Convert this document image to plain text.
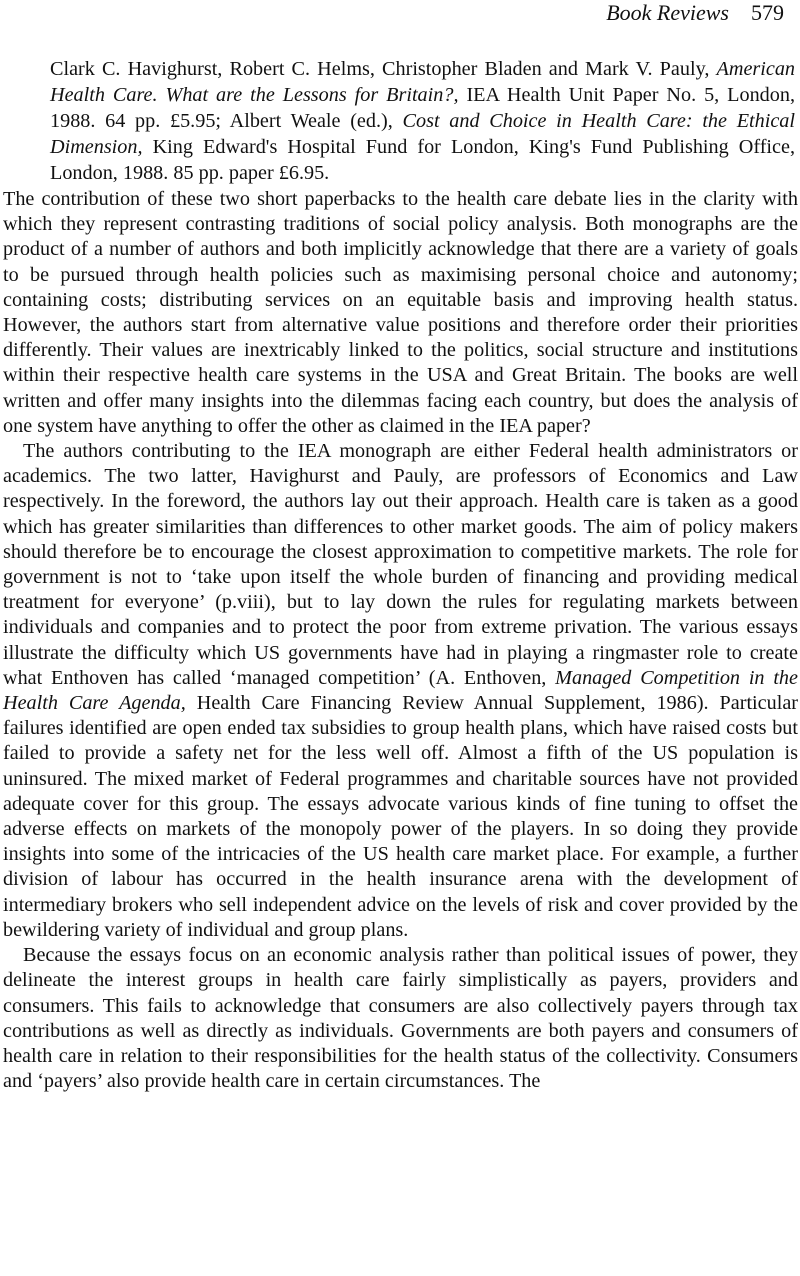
Book Reviews 579
Clark C. Havighurst, Robert C. Helms, Christopher Bladen and Mark V. Pauly, American Health Care. What are the Lessons for Britain?, IEA Health Unit Paper No. 5, London, 1988. 64 pp. £5.95; Albert Weale (ed.), Cost and Choice in Health Care: the Ethical Dimension, King Edward's Hospital Fund for London, King's Fund Publishing Office, London, 1988. 85 pp. paper £6.95.

The contribution of these two short paperbacks to the health care debate lies in the clarity with which they represent contrasting traditions of social policy analysis. Both monographs are the product of a number of authors and both implicitly acknowledge that there are a variety of goals to be pursued through health policies such as maximising personal choice and autonomy; containing costs; distributing services on an equitable basis and improving health status. However, the authors start from alternative value positions and therefore order their priorities differently. Their values are inextricably linked to the politics, social structure and institutions within their respective health care systems in the USA and Great Britain. The books are well written and offer many insights into the dilemmas facing each country, but does the analysis of one system have anything to offer the other as claimed in the IEA paper?

The authors contributing to the IEA monograph are either Federal health administrators or academics. The two latter, Havighurst and Pauly, are professors of Economics and Law respectively. In the foreword, the authors lay out their approach. Health care is taken as a good which has greater similarities than differences to other market goods. The aim of policy makers should therefore be to encourage the closest approximation to competitive markets. The role for government is not to ‘take upon itself the whole burden of financing and providing medical treatment for everyone’ (p.viii), but to lay down the rules for regulating markets between individuals and companies and to protect the poor from extreme privation. The various essays illustrate the difficulty which US governments have had in playing a ringmaster role to create what Enthoven has called ‘managed competition’ (A. Enthoven, Managed Competition in the Health Care Agenda, Health Care Financing Review Annual Supplement, 1986). Particular failures identified are open ended tax subsidies to group health plans, which have raised costs but failed to provide a safety net for the less well off. Almost a fifth of the US population is uninsured. The mixed market of Federal programmes and charitable sources have not provided adequate cover for this group. The essays advocate various kinds of fine tuning to offset the adverse effects on markets of the monopoly power of the players. In so doing they provide insights into some of the intricacies of the US health care market place. For example, a further division of labour has occurred in the health insurance arena with the development of intermediary brokers who sell independent advice on the levels of risk and cover provided by the bewildering variety of individual and group plans.

Because the essays focus on an economic analysis rather than political issues of power, they delineate the interest groups in health care fairly simplistically as payers, providers and consumers. This fails to acknowledge that consumers are also collectively payers through tax contributions as well as directly as individuals. Governments are both payers and consumers of health care in relation to their responsibilities for the health status of the collectivity. Consumers and ‘payers’ also provide health care in certain circumstances. The
